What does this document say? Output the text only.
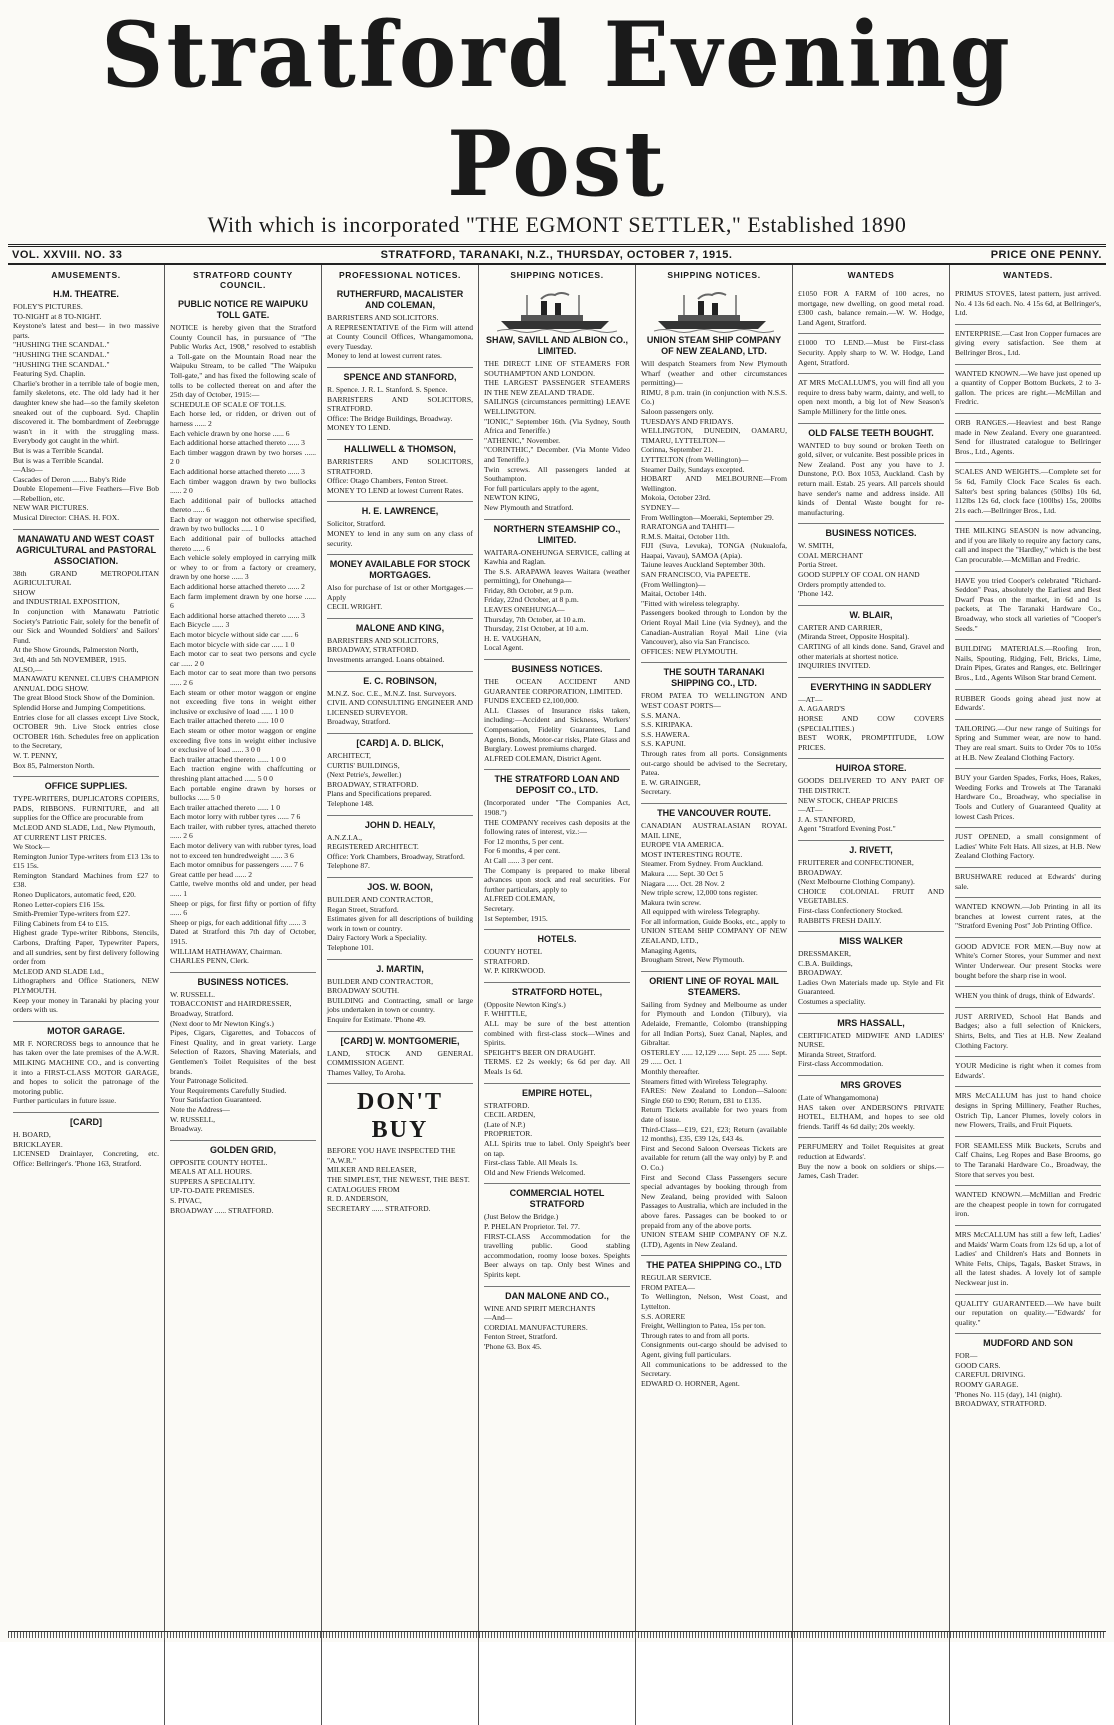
Stratford Evening Post
With which is incorporated "THE EGMONT SETTLER," Established 1890
VOL. XXVIII. NO. 33	STRATFORD, TARANAKI, N.Z., THURSDAY, OCTOBER 7, 1915.	PRICE ONE PENNY.
AMUSEMENTS.
H.M. THEATRE.
FOLEY'S PICTURES.
TO-NIGHT at 8 TO-NIGHT.
Keystone's latest and best— in two massive parts.
"HUSHING THE SCANDAL."
"HUSHING THE SCANDAL."
"HUSHING THE SCANDAL."
Featuring Syd. Chaplin.
Charlie's brother in a terrible tale of bogie men, family skeletons, etc. The old lady had it her daughter knew she had—so the family skeleton sneaked out of the cupboard. Syd. Chaplin discovered it. The bombardment of Zeebrugge wasn't in it with the struggling mass. Everybody got caught in the whirl.
But is was a Terrible Scandal.
But is was a Terrible Scandal.
—Also—
Cascades of Deron ........ Baby's Ride
Double Elopement—Five Feathers—Five Bob—Rebellion, etc.
NEW WAR PICTURES.
Musical Director: CHAS. H. FOX.
MANAWATU AND WEST COAST AGRICULTURAL and PASTORAL ASSOCIATION.
38th GRAND METROPOLITAN AGRICULTURAL
SHOW
and INDUSTRIAL EXPOSITION,
In conjunction with Manawatu Patriotic Society's Patriotic Fair, solely for the benefit of our Sick and Wounded Soldiers' and Sailors' Fund.
At the Show Grounds, Palmerston North,
3rd, 4th and 5th NOVEMBER, 1915.
ALSO,—
MANAWATU KENNEL CLUB'S CHAMPION ANNUAL DOG SHOW.
The great Blood Stock Show of the Dominion.
Splendid Horse and Jumping Competitions.
Entries close for all classes except Live Stock, OCTOBER 9th. Live Stock entries close OCTOBER 16th. Schedules free on application to the Secretary,
W. T. PENNY,
Box 85, Palmerston North.
OFFICE SUPPLIES.
TYPE-WRITERS, DUPLICATORS COPIERS, PADS, RIBBONS. FURNITURE, and all supplies for the Office are procurable from
McLEOD AND SLADE, Ltd., New Plymouth,
AT CURRENT LIST PRICES.
We Stock—
Remington Junior Type-writers from £13 13s to £15 15s.
Remington Standard Machines from £27 to £38.
Roneo Duplicators, automatic feed, £20.
Roneo Letter-copiers £16 15s.
Smith-Premier Type-writers from £27.
Filing Cabinets from £4 to £15.
Highest grade Type-writer Ribbons, Stencils, Carbons, Drafting Paper, Typewriter Papers, and all sundries, sent by first delivery following order from
McLEOD AND SLADE Ltd.,
Lithographers and Office Stationers, NEW PLYMOUTH.
Keep your money in Taranaki by placing your orders with us.
MOTOR GARAGE.
MR F. NORCROSS begs to announce that he has taken over the late premises of the A.W.R. MILKING MACHINE CO., and is converting it into a FIRST-CLASS MOTOR GARAGE, and hopes to solicit the patronage of the motoring public.
Further particulars in future issue.
[CARD]
H. BOARD,
BRICKLAYER.
LICENSED Drainlayer, Concreting, etc. Office: Bellringer's. 'Phone 163, Stratford.
STRATFORD COUNTY COUNCIL.
PUBLIC NOTICE RE WAIPUKU TOLL GATE.
NOTICE is hereby given that the Stratford County Council has, in pursuance of "The Public Works Act, 1908," resolved to establish a Toll-gate on the Mountain Road near the Waipuku Stream, to be called "The Waipuku Toll-gate," and has fixed the following scale of tolls to be collected thereat on and after the 25th day of October, 1915:—
SCHEDULE OF SCALE OF TOLLS.
Each horse led, or ridden, or driven out of harness ...... 2
Each vehicle drawn by one horse ...... 6
Each additional horse attached thereto ...... 3
Each timber waggon drawn by two horses ...... 2 0
Each additional horse attached thereto ...... 3
Each timber waggon drawn by two bullocks ...... 2 0
Each additional pair of bullocks attached thereto ...... 6
Each dray or waggon not otherwise specified, drawn by two bullocks ...... 1 0
Each additional pair of bullocks attached thereto ...... 6
Each vehicle solely employed in carrying milk or whey to or from a factory or creamery, drawn by one horse ...... 3
Each additional horse attached thereto ...... 2
Each farm implement drawn by one horse ...... 6
Each additional horse attached thereto ...... 3
Each Bicycle ...... 3
Each motor bicycle without side car ...... 6
Each motor bicycle with side car ...... 1 0
Each motor car to seat two persons and cycle car ...... 2 0
Each motor car to seat more than two persons ...... 2 6
Each steam or other motor waggon or engine not exceeding five tons in weight either inclusive or exclusive of load ...... 1 10 0
Each trailer attached thereto ...... 10 0
Each steam or other motor waggon or engine exceeding five tons in weight either inclusive or exclusive of load ...... 3 0 0
Each trailer attached thereto ...... 1 0 0
Each traction engine with chaffcutting or threshing plant attached ...... 5 0 0
Each portable engine drawn by horses or bullocks ...... 5 0
Each trailer attached thereto ...... 1 0
Each motor lorry with rubber tyres ...... 7 6
Each trailer, with rubber tyres, attached thereto ...... 2 6
Each motor delivery van with rubber tyres, load not to exceed ten hundredweight ...... 3 6
Each motor omnibus for passengers ...... 7 6
Great cattle per head ...... 2
Cattle, twelve months old and under, per head ...... 1
Sheep or pigs, for first fifty or portion of fifty ...... 6
Sheep or pigs, for each additional fifty ...... 3
Dated at Stratford this 7th day of October, 1915.
WILLIAM HATHAWAY, Chairman.
CHARLES PENN, Clerk.
BUSINESS NOTICES.
W. RUSSELL.
TOBACCONIST and HAIRDRESSER,
Broadway, Stratford.
(Next door to Mr Newton King's.)
Pipes, Cigars, Cigarettes, and Tobaccos of Finest Quality, and in great variety. Large Selection of Razors, Shaving Materials, and Gentlemen's Toilet Requisites of the best brands.
Your Patronage Solicited.
Your Requirements Carefully Studied.
Your Satisfaction Guaranteed.
Note the Address—
W. RUSSELL,
Broadway.
GOLDEN GRID,
OPPOSITE COUNTY HOTEL.
MEALS AT ALL HOURS.
SUPPERS A SPECIALITY.
UP-TO-DATE PREMISES.
S. PIVAC,
BROADWAY ...... STRATFORD.
PROFESSIONAL NOTICES.
RUTHERFURD, MACALISTER AND COLEMAN,
BARRISTERS AND SOLICITORS.
A REPRESENTATIVE of the Firm will attend at County Council Offices, Whangamomona, every Tuesday.
Money to lend at lowest current rates.
SPENCE AND STANFORD,
R. Spence. J. R. L. Stanford. S. Spence.
BARRISTERS AND SOLICITORS, STRATFORD.
Office: The Bridge Buildings, Broadway.
MONEY TO LEND.
HALLIWELL & THOMSON,
BARRISTERS AND SOLICITORS, STRATFORD.
Office: Otago Chambers, Fenton Street.
MONEY TO LEND at lowest Current Rates.
H. E. LAWRENCE,
Solicitor, Stratford.
MONEY to lend in any sum on any class of security.
MONEY AVAILABLE FOR STOCK MORTGAGES.
Also for purchase of 1st or other Mortgages.—Apply
CECIL WRIGHT.
MALONE AND KING,
BARRISTERS AND SOLICITORS,
BROADWAY, STRATFORD.
Investments arranged. Loans obtained.
E. C. ROBINSON,
M.N.Z. Soc. C.E., M.N.Z. Inst. Surveyors.
CIVIL AND CONSULTING ENGINEER AND LICENSED SURVEYOR.
Broadway, Stratford.
[CARD] A. D. BLICK,
ARCHITECT,
CURTIS' BUILDINGS,
(Next Petrie's, Jeweller.)
BROADWAY, STRATFORD.
Plans and Specifications prepared.
Telephone 148.
JOHN D. HEALY,
A.N.Z.I.A.,
REGISTERED ARCHITECT.
Office: York Chambers, Broadway, Stratford.
Telephone 87.
JOS. W. BOON,
BUILDER AND CONTRACTOR,
Regan Street, Stratford.
Estimates given for all descriptions of building work in town or country.
Dairy Factory Work a Speciality.
Telephone 101.
J. MARTIN,
BUILDER AND CONTRACTOR,
BROADWAY SOUTH.
BUILDING and Contracting, small or large jobs undertaken in town or country.
Enquire for Estimate. 'Phone 49.
[CARD] W. MONTGOMERIE,
LAND, STOCK AND GENERAL COMMISSION AGENT.
Thames Valley, To Aroha.
DON'T BUY
BEFORE YOU HAVE INSPECTED THE
"A.W.R."
MILKER AND RELEASER,
THE SIMPLEST, THE NEWEST, THE BEST.
CATALOGUES FROM
R. D. ANDERSON,
SECRETARY ...... STRATFORD.
SHIPPING NOTICES.
SHAW, SAVILL AND ALBION CO., LIMITED.
THE DIRECT LINE OF STEAMERS FOR SOUTHAMPTON AND LONDON.
THE LARGEST PASSENGER STEAMERS IN THE NEW ZEALAND TRADE.
SAILINGS (circumstances permitting) LEAVE WELLINGTON.
"IONIC," September 16th. (Via Sydney, South Africa and Teneriffe.)
"ATHENIC," November.
"CORINTHIC," December. (Via Monte Video and Teneriffe.)
Twin screws. All passengers landed at Southampton.
For full particulars apply to the agent,
NEWTON KING,
New Plymouth and Stratford.
NORTHERN STEAMSHIP CO., LIMITED.
WAITARA-ONEHUNGA SERVICE, calling at Kawhia and Raglan.
The S.S. ARAPAWA leaves Waitara (weather permitting), for Onehunga—
Friday, 8th October, at 9 p.m.
Friday, 22nd October, at 8 p.m.
LEAVES ONEHUNGA—
Thursday, 7th October, at 10 a.m.
Thursday, 21st October, at 10 a.m.
H. E. VAUGHAN,
Local Agent.
BUSINESS NOTICES.
THE OCEAN ACCIDENT AND GUARANTEE CORPORATION, LIMITED.
FUNDS EXCEED £2,100,000.
ALL Classes of Insurance risks taken, including:—Accident and Sickness, Workers' Compensation, Fidelity Guarantees, Land Agents, Bonds, Motor-car risks, Plate Glass and Burglary. Lowest premiums charged.
ALFRED COLEMAN, District Agent.
THE STRATFORD LOAN AND DEPOSIT CO., LTD.
(Incorporated under "The Companies Act, 1908.")
THE COMPANY receives cash deposits at the following rates of interest, viz.:—
For 12 months, 5 per cent.
For 6 months, 4 per cent.
At Call ...... 3 per cent.
The Company is prepared to make liberal advances upon stock and real securities. For further particulars, apply to
ALFRED COLEMAN,
Secretary.
1st September, 1915.
HOTELS.
COUNTY HOTEL
STRATFORD.
W. P. KIRKWOOD.
STRATFORD HOTEL,
(Opposite Newton King's.)
F. WHITTLE,
ALL may be sure of the best attention combined with first-class stock—Wines and Spirits.
SPEIGHT'S BEER ON DRAUGHT.
TERMS. £2 2s weekly; 6s 6d per day. All Meals 1s 6d.
EMPIRE HOTEL,
STRATFORD.
CECIL ARDEN,
(Late of N.P.)
PROPRIETOR.
ALL Spirits true to label. Only Speight's beer on tap.
First-class Table. All Meals 1s.
Old and New Friends Welcomed.
COMMERCIAL HOTEL STRATFORD
(Just Below the Bridge.)
P. PHELAN Proprietor. Tel. 77.
FIRST-CLASS Accommodation for the travelling public. Good stabling accommodation, roomy loose boxes. Speights Beer always on tap. Only best Wines and Spirits kept.
DAN MALONE AND CO.,
WINE AND SPIRIT MERCHANTS
—And—
CORDIAL MANUFACTURERS.
Fenton Street, Stratford.
'Phone 63. Box 45.
SHIPPING NOTICES.
UNION STEAM SHIP COMPANY OF NEW ZEALAND, LTD.
Will despatch Steamers from New Plymouth Wharf (weather and other circumstances permitting)—
RIMU, 8 p.m. train (in conjunction with N.S.S. Co.)
Saloon passengers only.
TUESDAYS AND FRIDAYS.
WELLINGTON, DUNEDIN, OAMARU, TIMARU, LYTTELTON—
Corinna, September 21.
LYTTELTON (from Wellington)—
Steamer Daily, Sundays excepted.
HOBART AND MELBOURNE—From Wellington.
Mokoia, October 23rd.
SYDNEY—
From Wellington—Moeraki, September 29.
RARATONGA and TAHITI—
R.M.S. Maitai, October 11th.
FIJI (Suva, Levuka), TONGA (Nukualofa, Haapai, Vavau), SAMOA (Apia).
Taiune leaves Auckland September 30th.
SAN FRANCISCO, Via PAPEETE.
(From Wellington)—
Maitai, October 14th.
"Fitted with wireless telegraphy.
Passengers booked through to London by the Orient Royal Mail Line (via Sydney), and the Canadian-Australian Royal Mail Line (via Vancouver), also via San Francisco.
OFFICES: NEW PLYMOUTH.
THE SOUTH TARANAKI SHIPPING CO., LTD.
FROM PATEA TO WELLINGTON AND WEST COAST PORTS—
S.S. MANA.
S.S. KIRIPAKA.
S.S. HAWERA.
S.S. KAPUNI.
Through rates from all ports. Consignments out-cargo should be advised to the Secretary, Patea.
E. W. GRAINGER,
Secretary.
THE VANCOUVER ROUTE.
CANADIAN AUSTRALASIAN ROYAL MAIL LINE,
EUROPE VIA AMERICA.
MOST INTERESTING ROUTE.
Steamer. From Sydney. From Auckland.
Makura ...... Sept. 30 Oct 5
Niagara ...... Oct. 28 Nov. 2
New triple screw, 12,000 tons register.
Makura twin screw.
All equipped with wireless Telegraphy.
For all information, Guide Books, etc., apply to
UNION STEAM SHIP COMPANY OF NEW ZEALAND, LTD.,
Managing Agents,
Brougham Street, New Plymouth.
ORIENT LINE OF ROYAL MAIL STEAMERS.
Sailing from Sydney and Melbourne as under for Plymouth and London (Tilbury), via Adelaide, Fremantle, Colombo (transhipping for all Indian Ports), Suez Canal, Naples, and Gibraltar.
OSTERLEY ...... 12,129 ...... Sept. 25 ...... Sept. 29 ...... Oct. 1
Monthly thereafter.
Steamers fitted with Wireless Telegraphy.
FARES: New Zealand to London—Saloon: Single £60 to £90; Return, £81 to £135.
Return Tickets available for two years from date of issue.
Third-Class—£19, £21, £23; Return (available 12 months), £35, £39 12s, £43 4s.
First and Second Saloon Overseas Tickets are available for return (all the way only) by P. and O. Co.)
First and Second Class Passengers secure special advantages by booking through from New Zealand, being provided with Saloon Passages to Australia, which are included in the above fares. Passages can be booked to or prepaid from any of the above ports.
UNION STEAM SHIP COMPANY OF N.Z. (LTD), Agents in New Zealand.
THE PATEA SHIPPING CO., LTD
REGULAR SERVICE.
FROM PATEA—
To Wellington, Nelson, West Coast, and Lyttelton.
S.S. AORERE
Freight, Wellington to Patea, 15s per ton.
Through rates to and from all ports.
Consignments out-cargo should be advised to Agent, giving full particulars.
All communications to be addressed to the Secretary.
EDWARD O. HORNER, Agent.
WANTEDS
£1050 FOR A FARM of 100 acres, no mortgage, new dwelling, on good metal road. £300 cash, balance remain.—W. W. Hodge, Land Agent, Stratford.
£1000 TO LEND.—Must be First-class Security. Apply sharp to W. W. Hodge, Land Agent, Stratford.
AT MRS McCALLUM'S, you will find all you require to dress baby warm, dainty, and well, to open next month, a big lot of New Season's Sample Millinery for the little ones.
OLD FALSE TEETH BOUGHT.
WANTED to buy sound or broken Teeth on gold, silver, or vulcanite. Best possible prices in New Zealand. Post any you have to J. Dunstone, P.O. Box 1053, Auckland. Cash by return mail. Estab. 25 years. All parcels should have sender's name and address inside. All kinds of Dental Waste bought for re-manufacturing.
BUSINESS NOTICES.
W. SMITH,
COAL MERCHANT
Portia Street.
GOOD SUPPLY OF COAL ON HAND
Orders promptly attended to.
'Phone 142.
W. BLAIR,
CARTER AND CARRIER,
(Miranda Street, Opposite Hospital).
CARTING of all kinds done. Sand, Gravel and other materials at shortest notice.
INQUIRIES INVITED.
EVERYTHING IN SADDLERY
—AT—
A. AGAARD'S
HORSE AND COW COVERS (SPECIALITIES.)
BEST WORK, PROMPTITUDE, LOW PRICES.
HUIROA STORE.
GOODS DELIVERED TO ANY PART OF THE DISTRICT.
NEW STOCK, CHEAP PRICES
—AT—
J. A. STANFORD,
Agent "Stratford Evening Post."
J. RIVETT,
FRUITERER and CONFECTIONER,
BROADWAY.
(Next Melbourne Clothing Company).
CHOICE COLONIAL FRUIT AND VEGETABLES.
First-class Confectionery Stocked.
RABBITS FRESH DAILY.
MISS WALKER
DRESSMAKER,
C.B.A. Buildings,
BROADWAY.
Ladies Own Materials made up. Style and Fit Guaranteed.
Costumes a speciality.
MRS HASSALL,
CERTIFICATED MIDWIFE AND LADIES' NURSE.
Miranda Street, Stratford.
First-class Accommodation.
MRS GROVES
(Late of Whangamomona)
HAS taken over ANDERSON'S PRIVATE HOTEL, ELTHAM, and hopes to see old friends. Tariff 4s 6d daily; 20s weekly.
PERFUMERY and Toilet Requisites at great reduction at Edwards'.
Buy the now a book on soldiers or ships.—James, Cash Trader.
WANTEDS.
PRIMUS STOVES, latest pattern, just arrived. No. 4 13s 6d each. No. 4 15s 6d, at Bellringer's, Ltd.
ENTERPRISE.—Cast Iron Copper furnaces are giving every satisfaction. See them at Bellringer Bros., Ltd.
WANTED KNOWN.—We have just opened up a quantity of Copper Bottom Buckets, 2 to 3-gallon. The prices are right.—McMillan and Fredric.
ORB RANGES.—Heaviest and best Range made in New Zealand. Every one guaranteed. Send for illustrated catalogue to Bellringer Bros., Ltd., Agents.
SCALES AND WEIGHTS.—Complete set for 5s 6d, Family Clock Face Scales 6s each. Salter's best spring balances (50lbs) 10s 6d, 112lbs 12s 6d, clock face (100lbs) 15s, 200lbs 21s each.—Bellringer Bros., Ltd.
THE MILKING SEASON is now advancing, and if you are likely to require any factory cans, call and inspect the "Hardley," which is the best Can procurable.—McMillan and Fredric.
HAVE you tried Cooper's celebrated "Richard-Seddon" Peas, absolutely the Earliest and Best Dwarf Peas on the market, in 6d and 1s packets, at The Taranaki Hardware Co., Broadway, who stock all varieties of "Cooper's Seeds."
BUILDING MATERIALS.—Roofing Iron, Nails, Spouting, Ridging, Felt, Bricks, Lime, Drain Pipes, Grates and Ranges, etc. Bellringer Bros., Ltd., Agents Wilson Star brand Cement.
RUBBER Goods going ahead just now at Edwards'.
TAILORING.—Our new range of Suitings for Spring and Summer wear, are now to hand. They are real smart. Suits to Order 70s to 105s at H.B. New Zealand Clothing Factory.
BUY your Garden Spades, Forks, Hoes, Rakes, Weeding Forks and Trowels at The Taranaki Hardware Co., Broadway, who specialise in Tools and Cutlery of Guaranteed Quality at lowest Cash Prices.
JUST OPENED, a small consignment of Ladies' White Felt Hats. All sizes, at H.B. New Zealand Clothing Factory.
BRUSHWARE reduced at Edwards' during sale.
WANTED KNOWN.—Job Printing in all its branches at lowest current rates, at the "Stratford Evening Post" Job Printing Office.
GOOD ADVICE FOR MEN.—Buy now at White's Corner Stores, your Summer and next Winter Underwear. Our present Stocks were bought before the sharp rise in wool.
WHEN you think of drugs, think of Edwards'.
JUST ARRIVED, School Hat Bands and Badges; also a full selection of Knickers, Shirts, Belts, and Ties at H.B. New Zealand Clothing Factory.
YOUR Medicine is right when it comes from Edwards'.
MRS McCALLUM has just to hand choice designs in Spring Millinery, Feather Ruches, Ostrich Tip, Lancer Plumes, lovely colors in new Flowers, Trails, and Fruit Piquets.
FOR SEAMLESS Milk Buckets, Scrubs and Calf Chains, Leg Ropes and Base Brooms, go to The Taranaki Hardware Co., Broadway, the Store that serves you best.
WANTED KNOWN.—McMillan and Fredric are the cheapest people in town for corrugated iron.
MRS McCALLUM has still a few left, Ladies' and Maids' Warm Coats from 12s 6d up, a lot of Ladies' and Children's Hats and Bonnets in White Felts, Chips, Tagals, Basket Straws, in all the latest shades. A lovely lot of sample Neckwear just in.
QUALITY GUARANTEED.—We have built our reputation on quality.—"Edwards' for quality."
MUDFORD AND SON
FOR—
GOOD CARS.
CAREFUL DRIVING.
ROOMY GARAGE.
'Phones No. 115 (day), 141 (night).
BROADWAY, STRATFORD.
